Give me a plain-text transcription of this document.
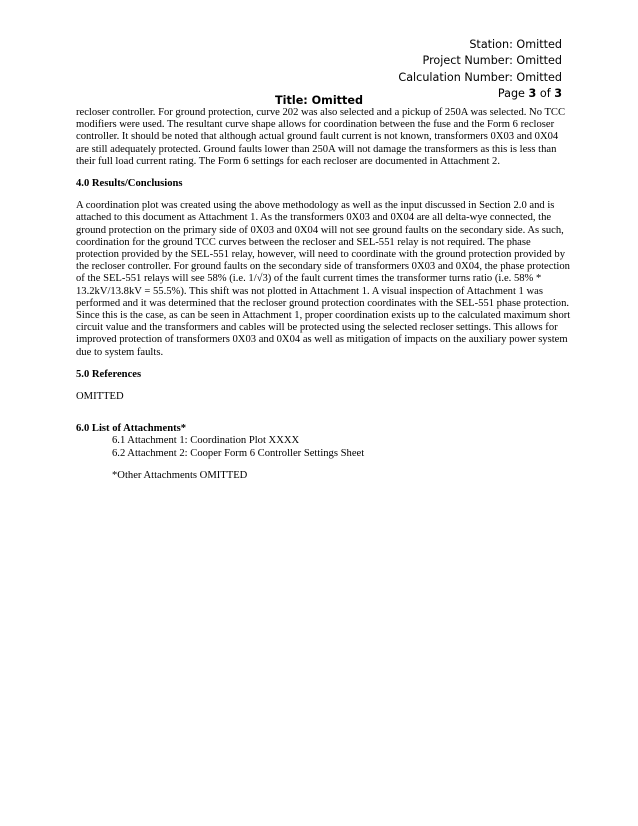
Station: Omitted
Project Number: Omitted
Calculation Number: Omitted
Page 3 of 3
Title: Omitted
recloser controller. For ground protection, curve 202 was also selected and a pickup of 250A was selected. No TCC
modifiers were used. The resultant curve shape allows for coordination between the fuse and the Form 6 recloser
controller. It should be noted that although actual ground fault current is not known, transformers 0X03 and 0X04
are still adequately protected. Ground faults lower than 250A will not damage the transformers as this is less than
their full load current rating. The Form 6 settings for each recloser are documented in Attachment 2.
4.0 Results/Conclusions
A coordination plot was created using the above methodology as well as the input discussed in Section 2.0 and is
attached to this document as Attachment 1. As the transformers 0X03 and 0X04 are all delta-wye connected, the
ground protection on the primary side of 0X03 and 0X04 will not see ground faults on the secondary side. As such,
coordination for the ground TCC curves between the recloser and SEL-551 relay is not required. The phase
protection provided by the SEL-551 relay, however, will need to coordinate with the ground protection provided by
the recloser controller. For ground faults on the secondary side of transformers 0X03 and 0X04, the phase protection
of the SEL-551 relays will see 58% (i.e. 1/√3) of the fault current times the transformer turns ratio (i.e. 58% *
13.2kV/13.8kV = 55.5%). This shift was not plotted in Attachment 1. A visual inspection of Attachment 1 was
performed and it was determined that the recloser ground protection coordinates with the SEL-551 phase protection.
Since this is the case, as can be seen in Attachment 1, proper coordination exists up to the calculated maximum short
circuit value and the transformers and cables will be protected using the selected recloser settings. This allows for
improved protection of transformers 0X03 and 0X04 as well as mitigation of impacts on the auxiliary power system
due to system faults.
5.0 References
OMITTED
6.0 List of Attachments*
6.1 Attachment 1: Coordination Plot XXXX
6.2 Attachment 2: Cooper Form 6 Controller Settings Sheet
*Other Attachments OMITTED
